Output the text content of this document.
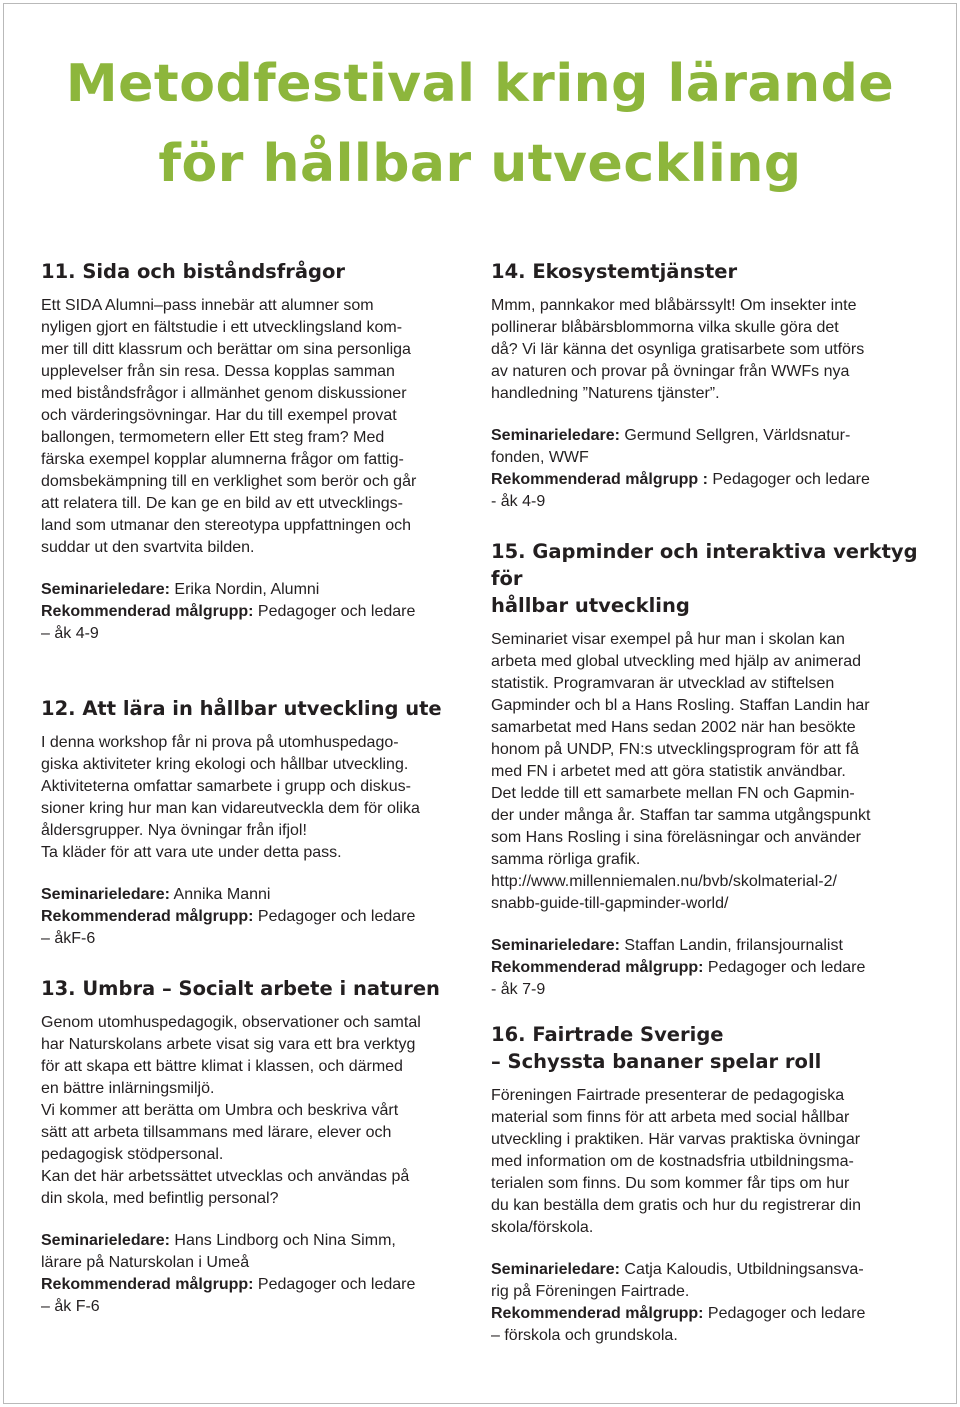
Metodfestival kring lärande
för hållbar utveckling
11. Sida och biståndsfrågor

Ett SIDA Alumni–pass innebär att alumner som
nyligen gjort en fältstudie i ett utvecklingsland kom-
mer till ditt klassrum och berättar om sina personliga
upplevelser från sin resa. Dessa kopplas samman
med biståndsfrågor i allmänhet genom diskussioner
och värderingsövningar. Har du till exempel provat
ballongen, termometern eller Ett steg fram? Med
färska exempel kopplar alumnerna frågor om fattig-
domsbekämpning till en verklighet som berör och går
att relatera till. De kan ge en bild av ett utvecklings-
land som utmanar den stereotypa uppfattningen och
suddar ut den svartvita bilden.

Seminarieledare: Erika Nordin, Alumni
Rekommenderad målgrupp: Pedagoger och ledare
– åk 4-9
12. Att lära in hållbar utveckling ute

I denna workshop får ni prova på utomhuspedago-
giska aktiviteter kring ekologi och hållbar utveckling.
Aktiviteterna omfattar samarbete i grupp och diskus-
sioner kring hur man kan vidareutveckla dem för olika
åldersgrupper. Nya övningar från ifjol!
Ta kläder för att vara ute under detta pass.

Seminarieledare: Annika Manni
Rekommenderad målgrupp: Pedagoger och ledare
– åkF-6
13. Umbra – Socialt arbete i naturen

Genom utomhuspedagogik, observationer och samtal
har Naturskolans arbete visat sig vara ett bra verktyg
för att skapa ett bättre klimat i klassen, och därmed
en bättre inlärningsmiljö.
Vi kommer att berätta om Umbra och beskriva vårt
sätt att arbeta tillsammans med lärare, elever och
pedagogisk stödpersonal.
Kan det här arbetssättet utvecklas och användas på
din skola, med befintlig personal?

Seminarieledare: Hans Lindborg och Nina Simm,
lärare på Naturskolan i Umeå
Rekommenderad målgrupp: Pedagoger och ledare
– åk F-6
14. Ekosystemtjänster

Mmm, pannkakor med blåbärssylt! Om insekter inte
pollinerar blåbärsblommorna vilka skulle göra det
då? Vi lär känna det osynliga gratisarbete som utförs
av naturen och provar på övningar från WWFs nya
handledning ”Naturens tjänster”.

Seminarieledare: Germund Sellgren, Världsnatur-
fonden, WWF
Rekommenderad målgrupp : Pedagoger och ledare
- åk 4-9
15. Gapminder och interaktiva verktyg för
hållbar utveckling

Seminariet visar exempel på hur man i skolan kan
arbeta med global utveckling med hjälp av animerad
statistik. Programvaran är utvecklad av stiftelsen
Gapminder och bl a Hans Rosling. Staffan Landin har
samarbetat med Hans sedan 2002 när han besökte
honom på UNDP, FN:s utvecklingsprogram för att få
med FN i arbetet med att göra statistik användbar.
Det ledde till ett samarbete mellan FN och Gapmin-
der under många år. Staffan tar samma utgångspunkt
som Hans Rosling i sina föreläsningar och använder
samma rörliga grafik.
http://www.millenniemalen.nu/bvb/skolmaterial-2/
snabb-guide-till-gapminder-world/

Seminarieledare: Staffan Landin, frilansjournalist
Rekommenderad målgrupp: Pedagoger och ledare
- åk 7-9
16. Fairtrade Sverige
– Schyssta bananer spelar roll

Föreningen Fairtrade presenterar de pedagogiska
material som finns för att arbeta med social hållbar
utveckling i praktiken. Här varvas praktiska övningar
med information om de kostnadsfria utbildningsma-
terialen som finns. Du som kommer får tips om hur
du kan beställa dem gratis och hur du registrerar din
skola/förskola.

Seminarieledare: Catja Kaloudis, Utbildningsansva-
rig på Föreningen Fairtrade.
Rekommenderad målgrupp: Pedagoger och ledare
– förskola och grundskola.
